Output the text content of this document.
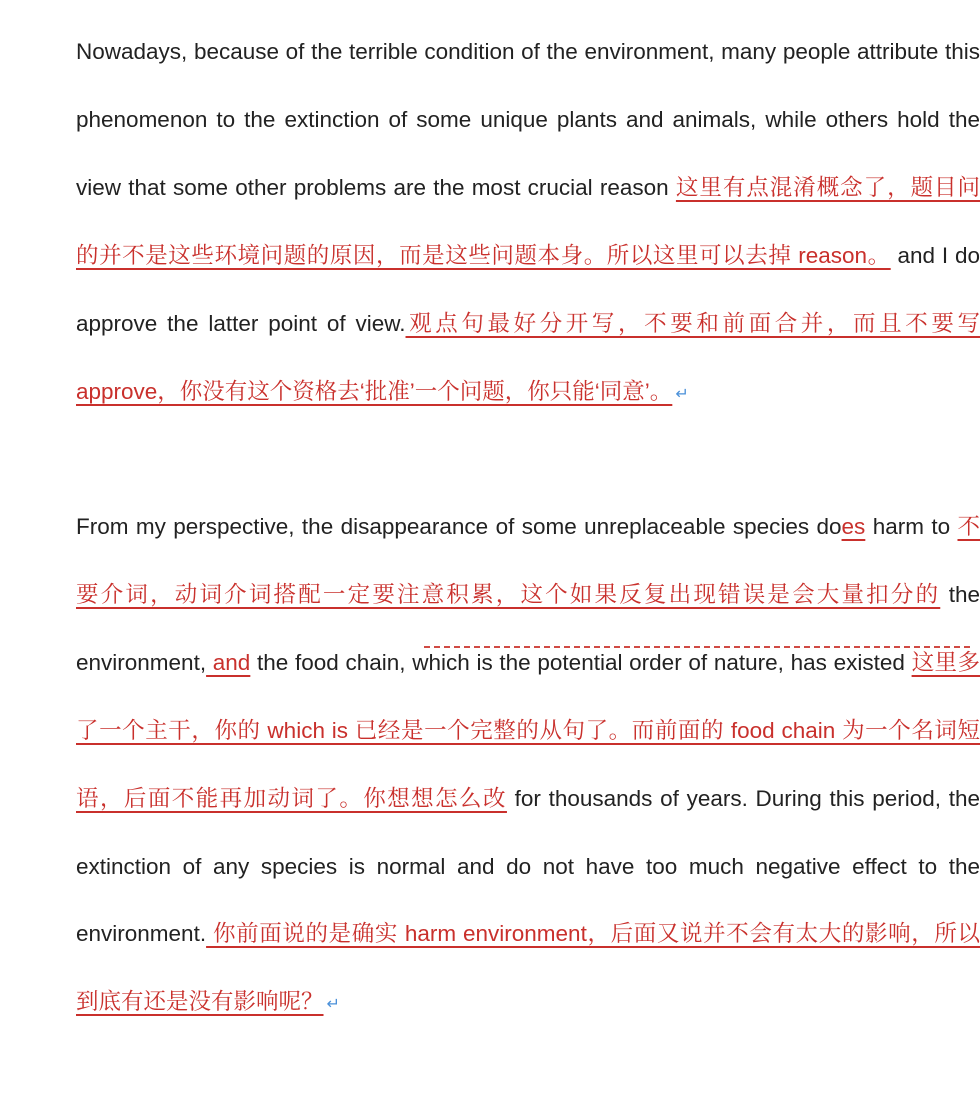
Nowadays, because of the terrible condition of the environment, many people attribute this phenomenon to the extinction of some unique plants and animals, while others hold the view that some other problems are the most crucial reason 这里有点混淆概念了，题目问的并不是这些环境问题的原因，而是这些问题本身。所以这里可以去掉 reason。 and I do approve the latter point of view.观点句最好分开写，不要和前面合并，而且不要写 approve，你没有这个资格去‘批准’一个问题，你只能‘同意’。 ↵

From my perspective, the disappearance of some unreplaceable species does harm to 不要介词，动词介词搭配一定要注意积累，这个如果反复出现错误是会大量扣分的 the environment, and the food chain, which is the potential order of nature, has existed 这里多了一个主干，你的 which is 已经是一个完整的从句了。而前面的 food chain 为一个名词短语，后面不能再加动词了。你想想怎么改 for thousands of years. During this period, the extinction of any species is normal and do not have too much negative effect to the environment. 你前面说的是确实 harm environment，后面又说并不会有太大的影响，所以到底有还是没有影响呢？ ↵
